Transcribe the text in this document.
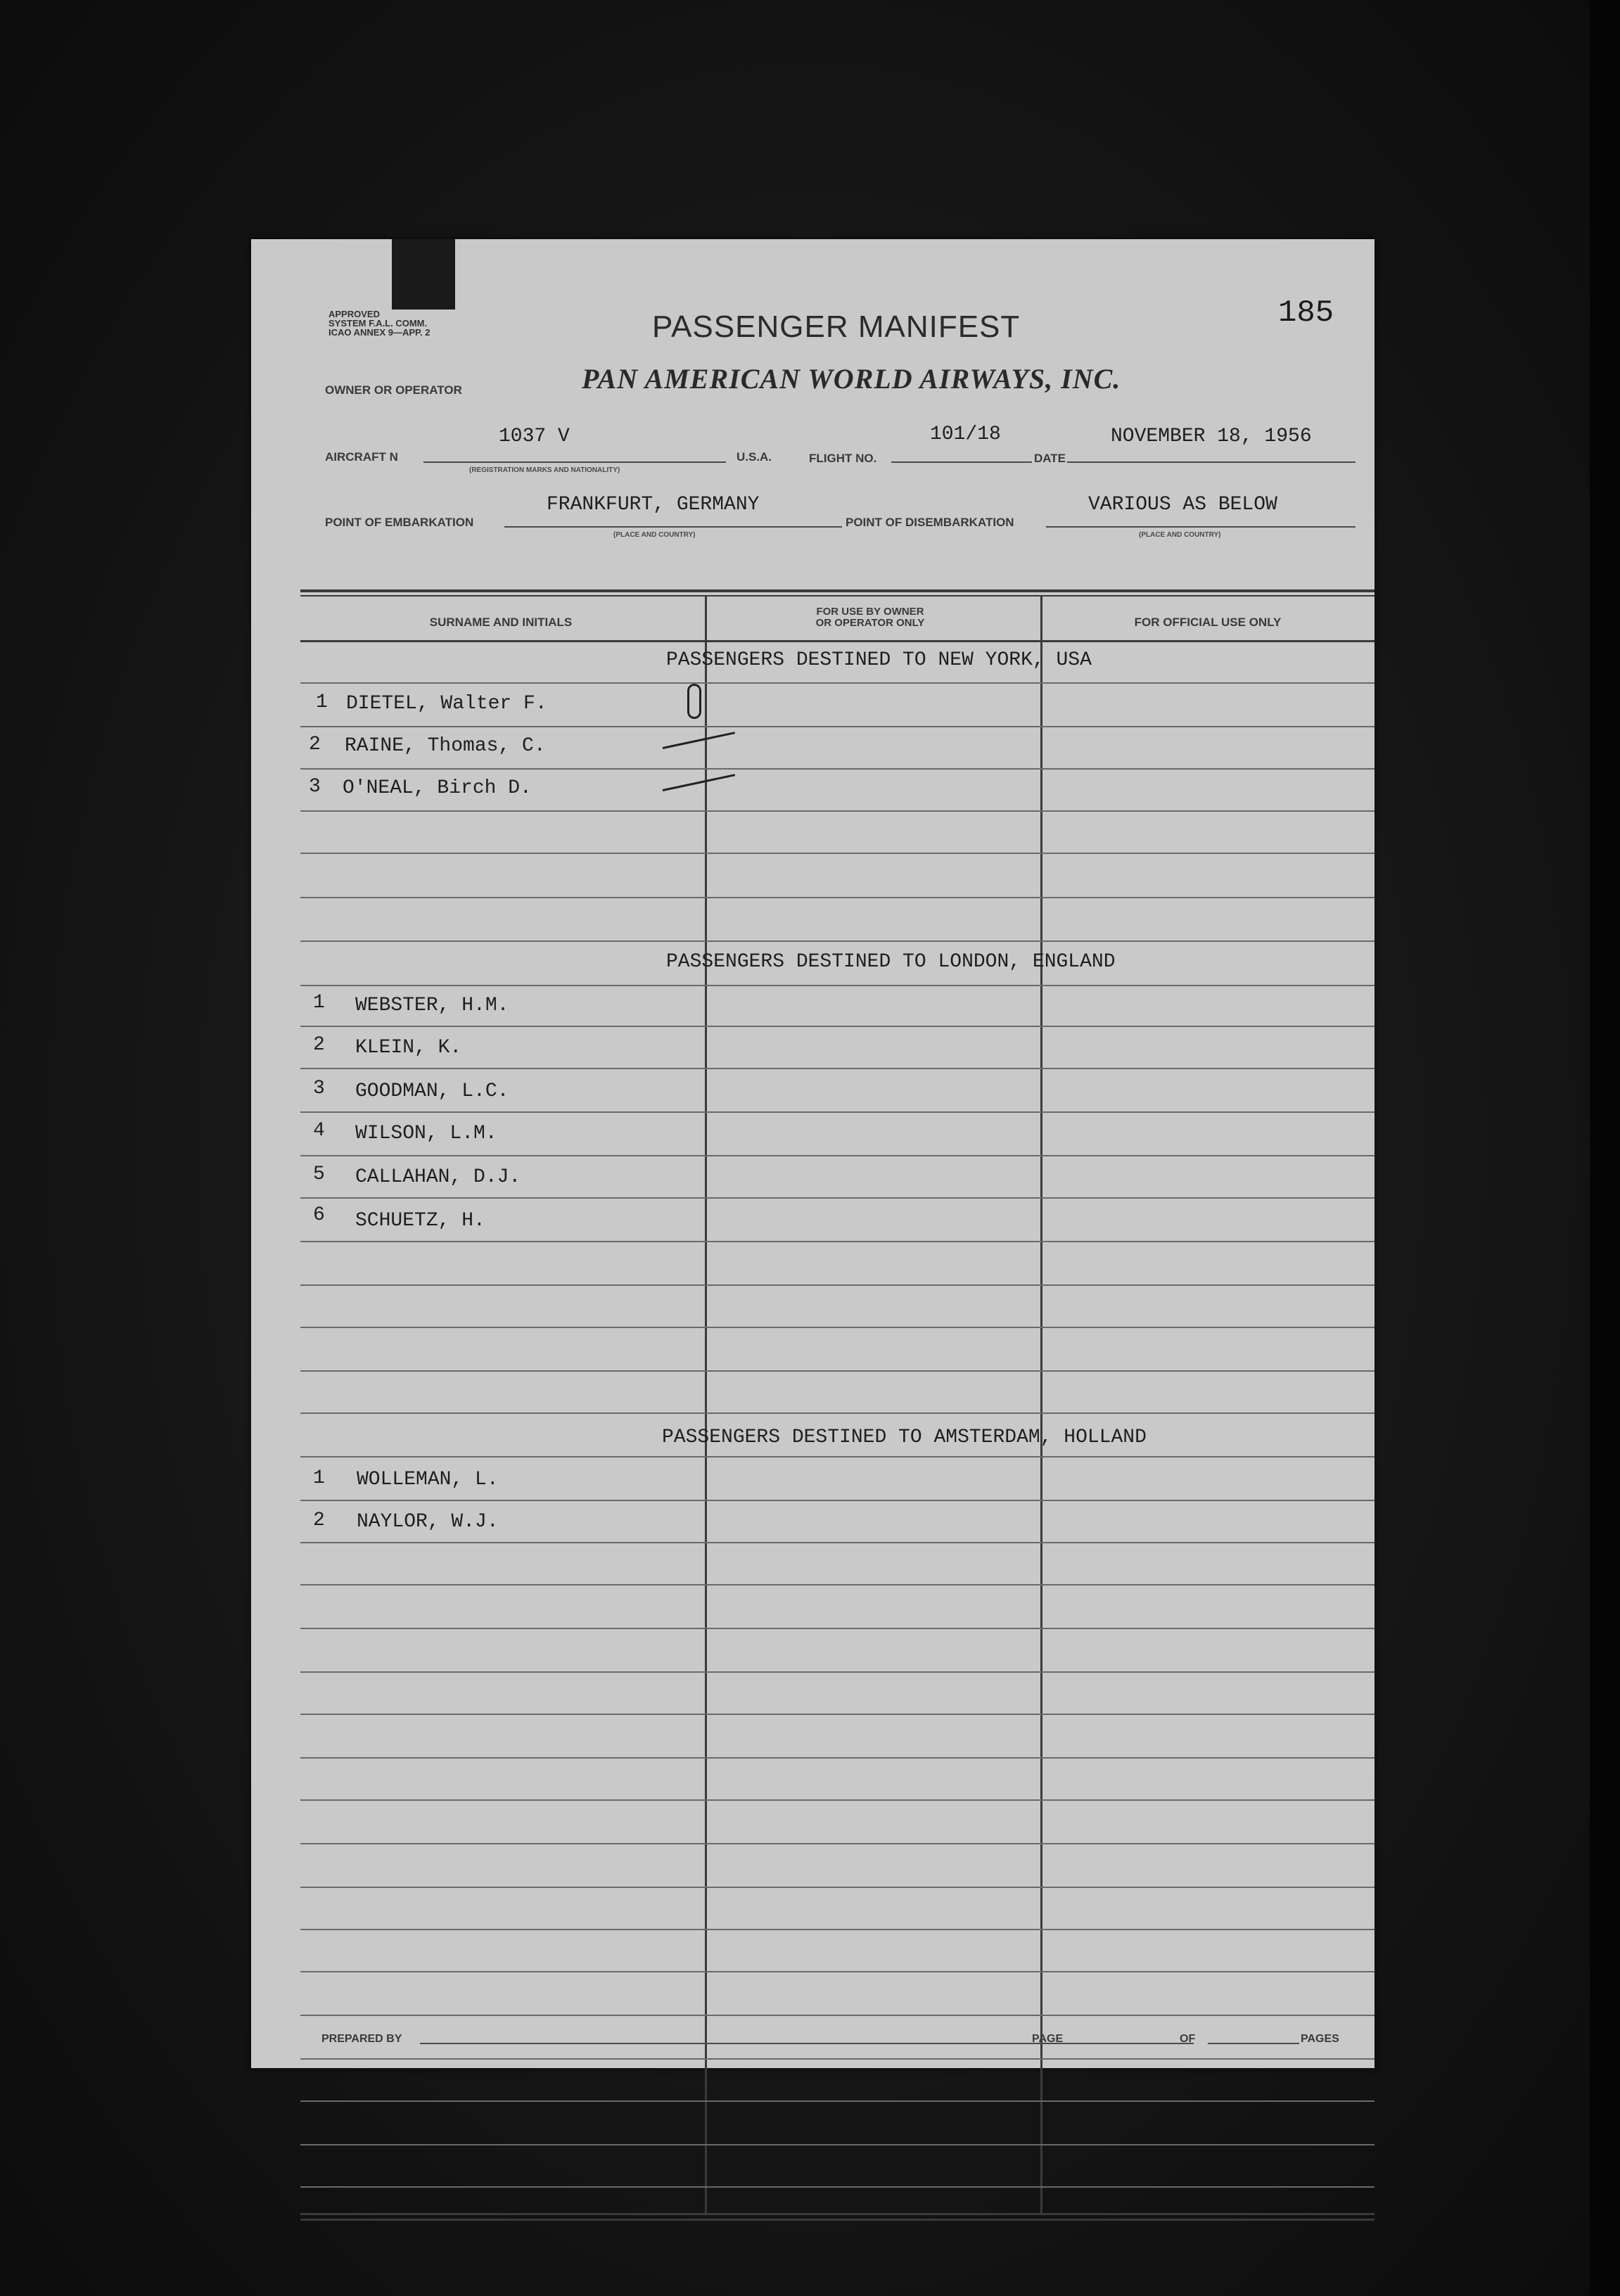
APPROVED
SYSTEM F.A.L. COMM.
ICAO ANNEX 9—APP. 2	PASSENGER MANIFEST	185
OWNER OR OPERATOR	PAN AMERICAN WORLD AIRWAYS, INC.
AIRCRAFT N
1037 V
(REGISTRATION MARKS AND NATIONALITY)
U.S.A.	FLIGHT NO.
101/18
DATE
NOVEMBER 18, 1956
POINT OF EMBARKATION
FRANKFURT, GERMANY
(PLACE AND COUNTRY)
POINT OF DISEMBARKATION
VARIOUS AS BELOW
(PLACE AND COUNTRY)
SURNAME AND INITIALS
FOR USE BY OWNER
OR OPERATOR ONLY	FOR OFFICIAL USE ONLY
PASSENGERS DESTINED TO NEW YORK, USA
1 DIETEL, Walter F.
2 RAINE, Thomas, C.
3 O'NEAL, Birch D.
PASSENGERS DESTINED TO LONDON, ENGLAND
1 WEBSTER, H.M.
2 KLEIN, K.
3 GOODMAN, L.C.
4 WILSON, L.M.
5 CALLAHAN, D.J.
6 SCHUETZ, H.
PASSENGERS DESTINED TO AMSTERDAM, HOLLAND
1 WOLLEMAN, L.
2 NAYLOR, W.J.
PREPARED BY	PAGE	OF	PAGES
